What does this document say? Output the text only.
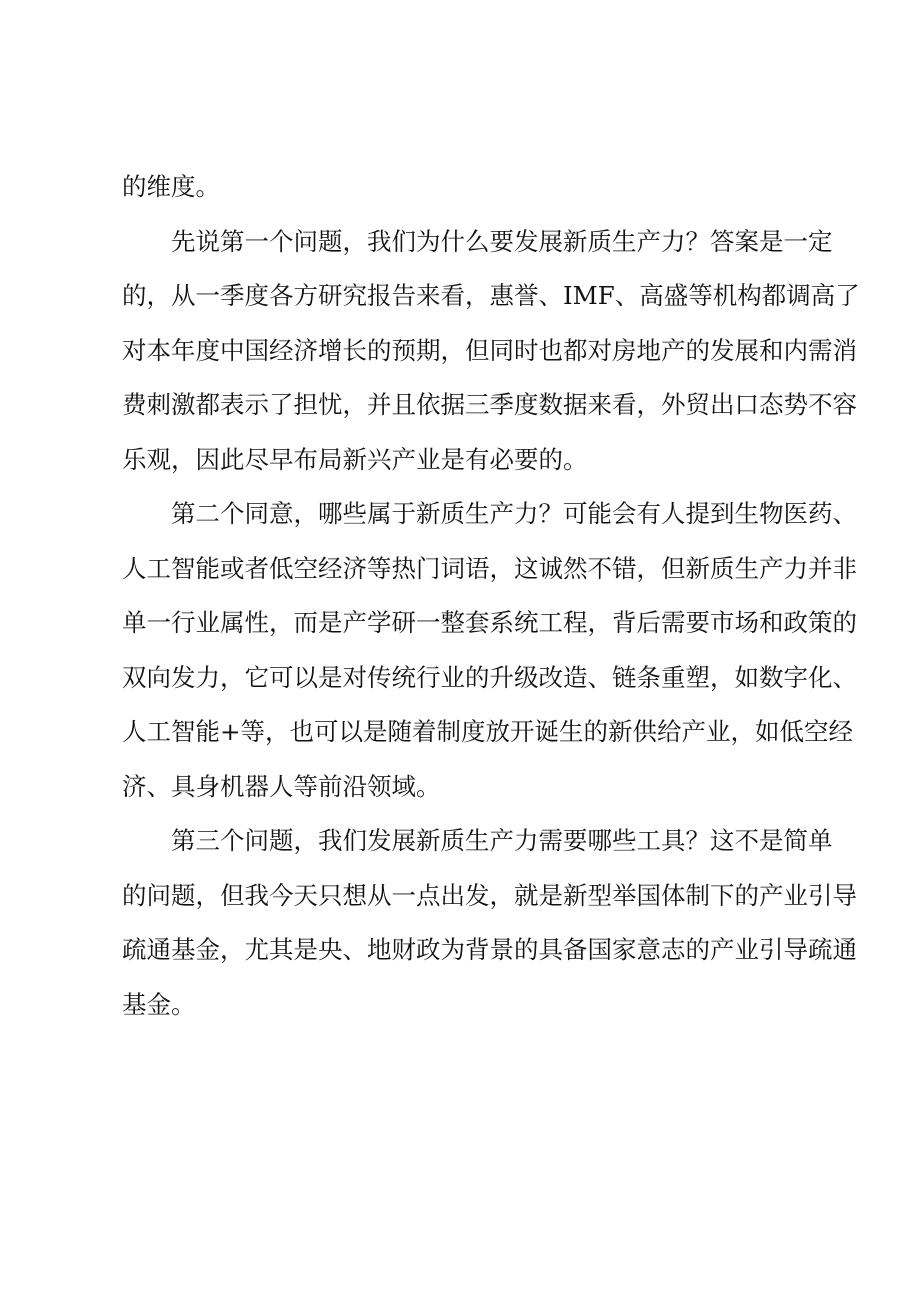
的维度。

先说第一个问题，我们为什么要发展新质生产力？答案是一定
的，从一季度各方研究报告来看，惠誉、IMF、高盛等机构都调高了
对本年度中国经济增长的预期，但同时也都对房地产的发展和内需消
费刺激都表示了担忧，并且依据三季度数据来看，外贸出口态势不容
乐观，因此尽早布局新兴产业是有必要的。

第二个同意，哪些属于新质生产力？可能会有人提到生物医药、
人工智能或者低空经济等热门词语，这诚然不错，但新质生产力并非
单一行业属性，而是产学研一整套系统工程，背后需要市场和政策的
双向发力，它可以是对传统行业的升级改造、链条重塑，如数字化、
人工智能+等，也可以是随着制度放开诞生的新供给产业，如低空经
济、具身机器人等前沿领域。

第三个问题，我们发展新质生产力需要哪些工具？这不是简单
的问题，但我今天只想从一点出发，就是新型举国体制下的产业引导
疏通基金，尤其是央、地财政为背景的具备国家意志的产业引导疏通
基金。
